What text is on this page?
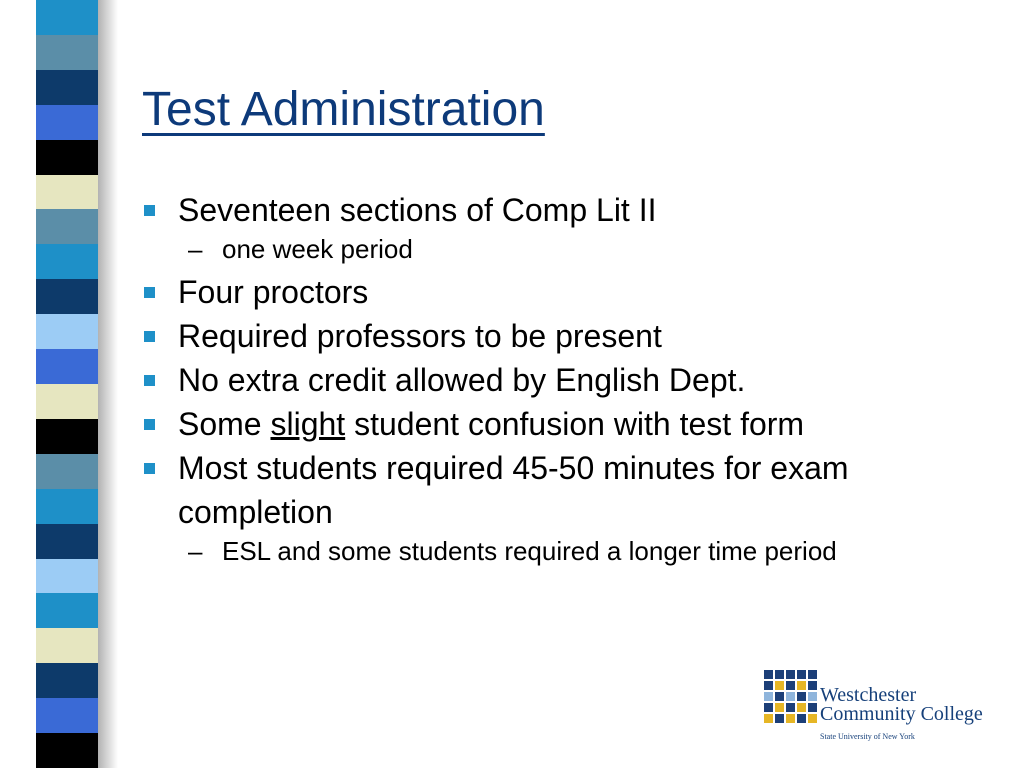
Test Administration
Seventeen sections of Comp Lit II
– one week period
Four proctors
Required professors to be present
No extra credit allowed by English Dept.
Some slight student confusion with test form
Most students required 45-50 minutes for exam completion
– ESL and some students required a longer time period
Westchester
Community College
State University of New York
